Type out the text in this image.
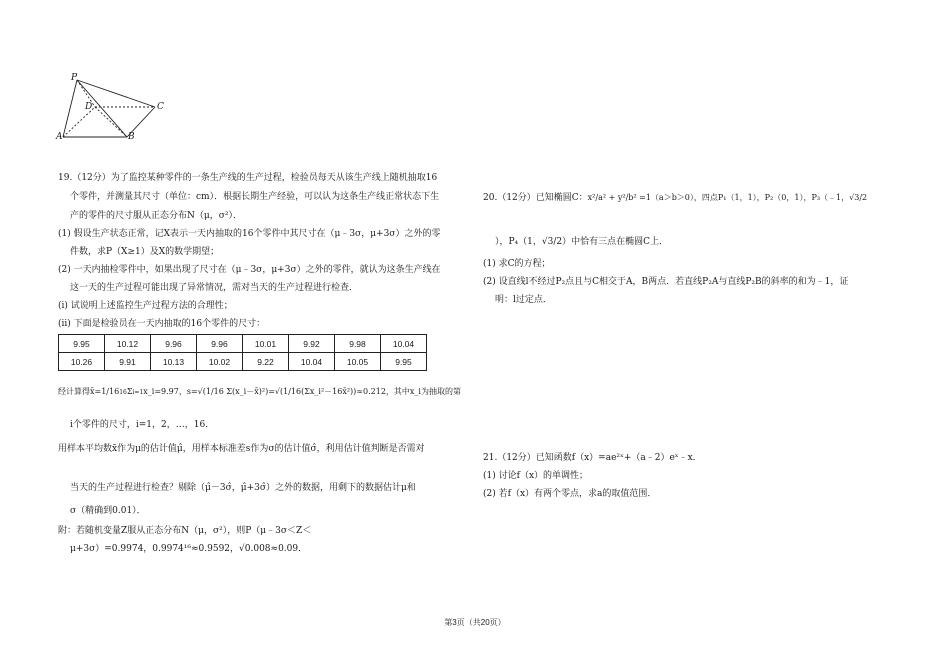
P
D	C
A	B
19.（12分）为了监控某种零件的一条生产线的生产过程，检验员每天从该生产线上随机抽取16
个零件，并测量其尺寸（单位：cm）．根据长期生产经验，可以认为这条生产线正常状态下生
产的零件的尺寸服从正态分布N（μ，σ²）．
(1) 假设生产状态正常，记X表示一天内抽取的16个零件中其尺寸在（μ﹣3σ，μ+3σ）之外的零
件数，求P（X≥1）及X的数学期望；
(2) 一天内抽检零件中，如果出现了尺寸在（μ﹣3σ，μ+3σ）之外的零件，就认为这条生产线在
这一天的生产过程可能出现了异常情况，需对当天的生产过程进行检查．
(ⅰ) 试说明上述监控生产过程方法的合理性；
(ⅱ) 下面是检验员在一天内抽取的16个零件的尺寸：
9.95	10.12	9.96	9.96	10.01	9.92	9.98	10.04
10.26	9.91	10.13	10.02	9.22	10.04	10.05	9.95
经计算得x̄=1/1616Σi=1x_i=9.97，s=√(1/16 Σ(x_i－x̄)²)=√(1/16(Σx_i²－16x̄²))≈0.212，其中x_i为抽取的第
i个零件的尺寸，i=1，2，…，16．
用样本平均数x̄作为μ的估计值μ̂，用样本标准差s作为σ的估计值σ̂，利用估计值判断是否需对
当天的生产过程进行检查？剔除（μ̂－3σ̂，μ̂+3σ̂）之外的数据，用剩下的数据估计μ和
σ（精确到0.01）．
附：若随机变量Z服从正态分布N（μ，σ²），则P（μ﹣3σ＜Z＜
μ+3σ）=0.9974，0.9974¹⁶≈0.9592，√0.008≈0.09．
20.（12分）已知椭圆C：x²/a² + y²/b² =1（a＞b＞0），四点P₁（1，1），P₂（0，1），P₃（﹣1，√3/2
），P₄（1，√3/2）中恰有三点在椭圆C上．
(1) 求C的方程；
(2) 设直线l不经过P₂点且与C相交于A，B两点．若直线P₂A与直线P₂B的斜率的和为﹣1，证
明：l过定点．
21.（12分）已知函数f（x）=ae²ˣ+（a﹣2）eˣ﹣x．
(1) 讨论f（x）的单调性；
(2) 若f（x）有两个零点，求a的取值范围．
第3页（共20页）
